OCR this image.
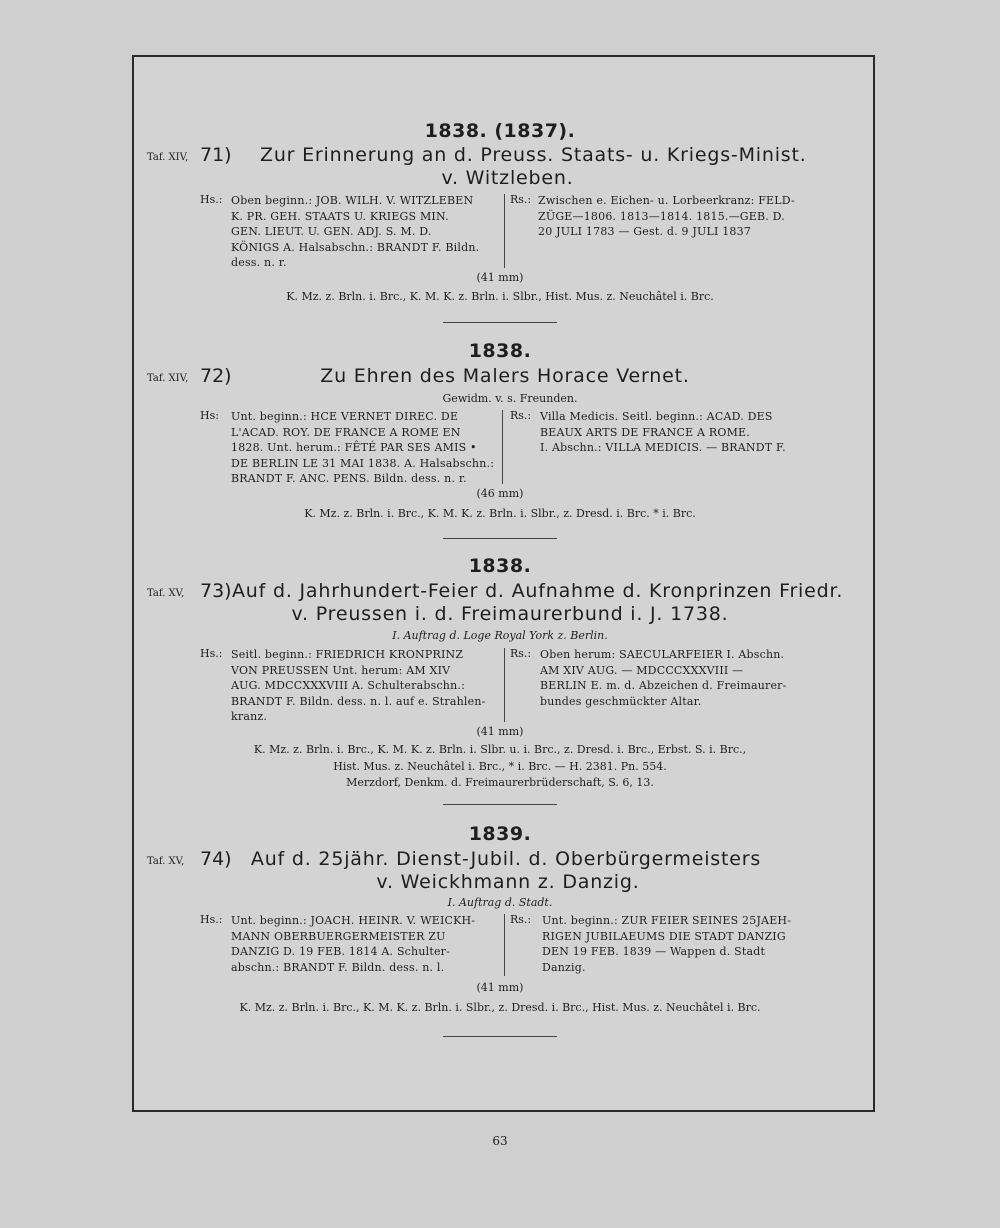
1838. (1837).
Taf. XIV, 71) Zur Erinnerung an d. Preuss. Staats- u. Kriegs-Minist.
v. Witzleben.
Hs.: Oben beginn.: JOB. WILH. V. WITZLEBEN
K. PR. GEH. STAATS U. KRIEGS MIN.
GEN. LIEUT. U. GEN. ADJ. S. M. D.
KÖNIGS A. Halsabschn.: BRANDT F. Bildn.
dess. n. r.
Rs.: Zwischen e. Eichen- u. Lorbeerkranz: FELD-
ZÜGE—1806. 1813—1814. 1815.—GEB. D.
20 JULI 1783 — Gest. d. 9 JULI 1837
(41 mm)
K. Mz. z. Brln. i. Brc., K. M. K. z. Brln. i. Slbr., Hist. Mus. z. Neuchâtel i. Brc.
1838.
Taf. XIV, 72)	Zu Ehren des Malers Horace Vernet.
Gewidm. v. s. Freunden.
Hs: Unt. beginn.: HCE VERNET DIREC. DE
L'ACAD. ROY. DE FRANCE A ROME EN
1828. Unt. herum.: FÊTÉ PAR SES AMIS •
DE BERLIN LE 31 MAI 1838. A. Halsabschn.:
BRANDT F. ANC. PENS. Bildn. dess. n. r.
Rs.: Villa Medicis. Seitl. beginn.: ACAD. DES
BEAUX ARTS DE FRANCE A ROME.
I. Abschn.: VILLA MEDICIS. — BRANDT F.
(46 mm)
K. Mz. z. Brln. i. Brc., K. M. K. z. Brln. i. Slbr., z. Dresd. i. Brc. * i. Brc.
1838.
Taf. XV, 73) Auf d. Jahrhundert-Feier d. Aufnahme d. Kronprinzen Friedr.
v. Preussen i. d. Freimaurerbund i. J. 1738.
I. Auftrag d. Loge Royal York z. Berlin.
Hs.: Seitl. beginn.: FRIEDRICH KRONPRINZ
VON PREUSSEN Unt. herum: AM XIV
AUG. MDCCXXXVIII A. Schulterabschn.:
BRANDT F. Bildn. dess. n. l. auf e. Strahlen-
kranz.
Rs.: Oben herum: SAECULARFEIER I. Abschn.
AM XIV AUG. — MDCCCXXXVIII —
BERLIN E. m. d. Abzeichen d. Freimaurer-
bundes geschmückter Altar.
(41 mm)
K. Mz. z. Brln. i. Brc., K. M. K. z. Brln. i. Slbr. u. i. Brc., z. Dresd. i. Brc., Erbst. S. i. Brc.,
Hist. Mus. z. Neuchâtel i. Brc., * i. Brc. — H. 2381. Pn. 554.
Merzdorf, Denkm. d. Freimaurerbrüderschaft, S. 6, 13.
1839.
Taf. XV, 74)	Auf d. 25jähr. Dienst-Jubil. d. Oberbürgermeisters
v. Weickhmann z. Danzig.
I. Auftrag d. Stadt.
Hs.: Unt. beginn.: JOACH. HEINR. V. WEICKH-
MANN OBERBUERGERMEISTER ZU
DANZIG D. 19 FEB. 1814 A. Schulter-
abschn.: BRANDT F. Bildn. dess. n. l.
Rs.: Unt. beginn.: ZUR FEIER SEINES 25JAEH-
RIGEN JUBILAEUMS DIE STADT DANZIG
DEN 19 FEB. 1839 — Wappen d. Stadt
Danzig.
(41 mm)
K. Mz. z. Brln. i. Brc., K. M. K. z. Brln. i. Slbr., z. Dresd. i. Brc., Hist. Mus. z. Neuchâtel i. Brc.
63
